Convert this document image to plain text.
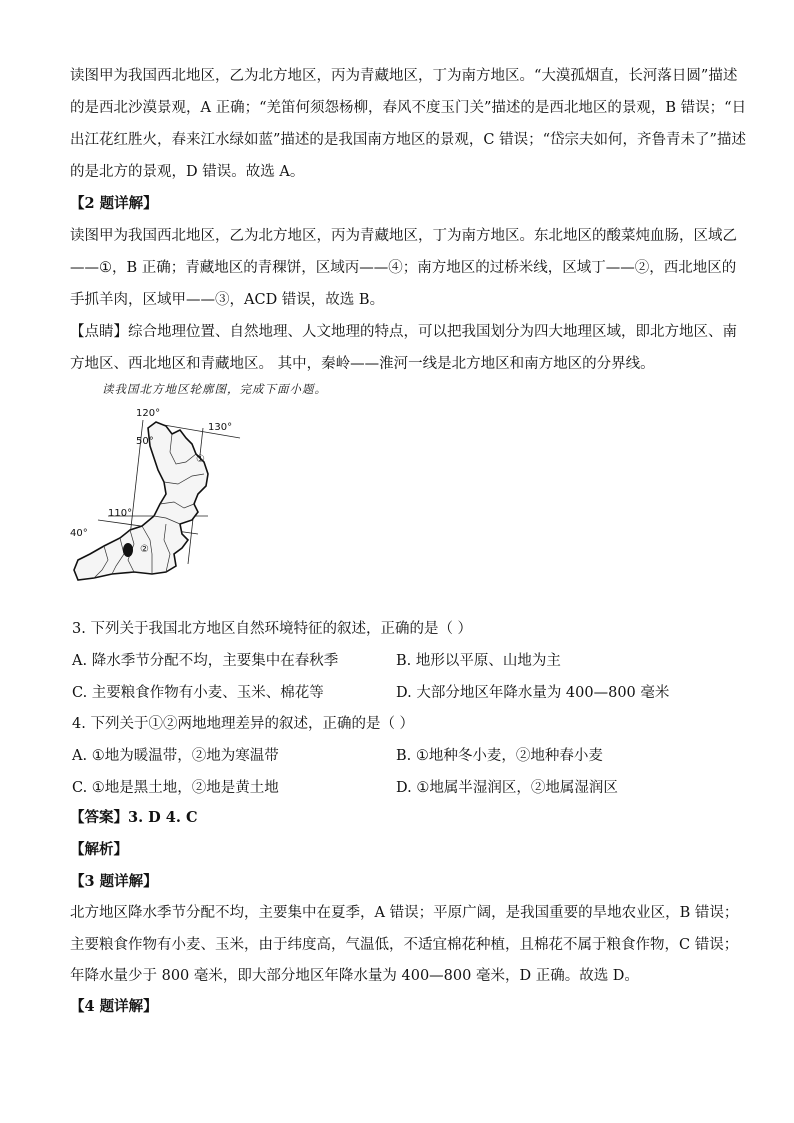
读图甲为我国西北地区，乙为北方地区，丙为青藏地区，丁为南方地区。“大漠孤烟直，长河落日圆”描述
的是西北沙漠景观，A 正确；“羌笛何须怨杨柳，春风不度玉门关”描述的是西北地区的景观，B 错误；“日
出江花红胜火，春来江水绿如蓝”描述的是我国南方地区的景观，C 错误；“岱宗夫如何，齐鲁青未了”描述
的是北方的景观，D 错误。故选 A。
【2 题详解】
读图甲为我国西北地区，乙为北方地区，丙为青藏地区，丁为南方地区。东北地区的酸菜炖血肠，区域乙
——①，B 正确；青藏地区的青稞饼，区域丙——④；南方地区的过桥米线，区域丁——②，西北地区的
手抓羊肉，区域甲——③，ACD 错误，故选 B。
【点睛】综合地理位置、自然地理、人文地理的特点，可以把我国划分为四大地理区域，即北方地区、南
方地区、西北地区和青藏地区。 其中，秦岭——淮河一线是北方地区和南方地区的分界线。
读我国北方地区轮廓图，完成下面小题。
120°
130°
50°
110°
40°
①
②
3. 下列关于我国北方地区自然环境特征的叙述，正确的是（ ）
A. 降水季节分配不均，主要集中在春秋季	B. 地形以平原、山地为主
C. 主要粮食作物有小麦、玉米、棉花等	D. 大部分地区年降水量为 400—800 毫米
4. 下列关于①②两地地理差异的叙述，正确的是（ ）
A. ①地为暖温带，②地为寒温带	B. ①地种冬小麦，②地种春小麦
C. ①地是黑土地，②地是黄土地	D. ①地属半湿润区，②地属湿润区
【答案】3. D 4. C
【解析】
【3 题详解】
北方地区降水季节分配不均，主要集中在夏季，A 错误；平原广阔，是我国重要的旱地农业区，B 错误；
主要粮食作物有小麦、玉米，由于纬度高，气温低，不适宜棉花种植，且棉花不属于粮食作物，C 错误；
年降水量少于 800 毫米，即大部分地区年降水量为 400—800 毫米，D 正确。故选 D。
【4 题详解】
